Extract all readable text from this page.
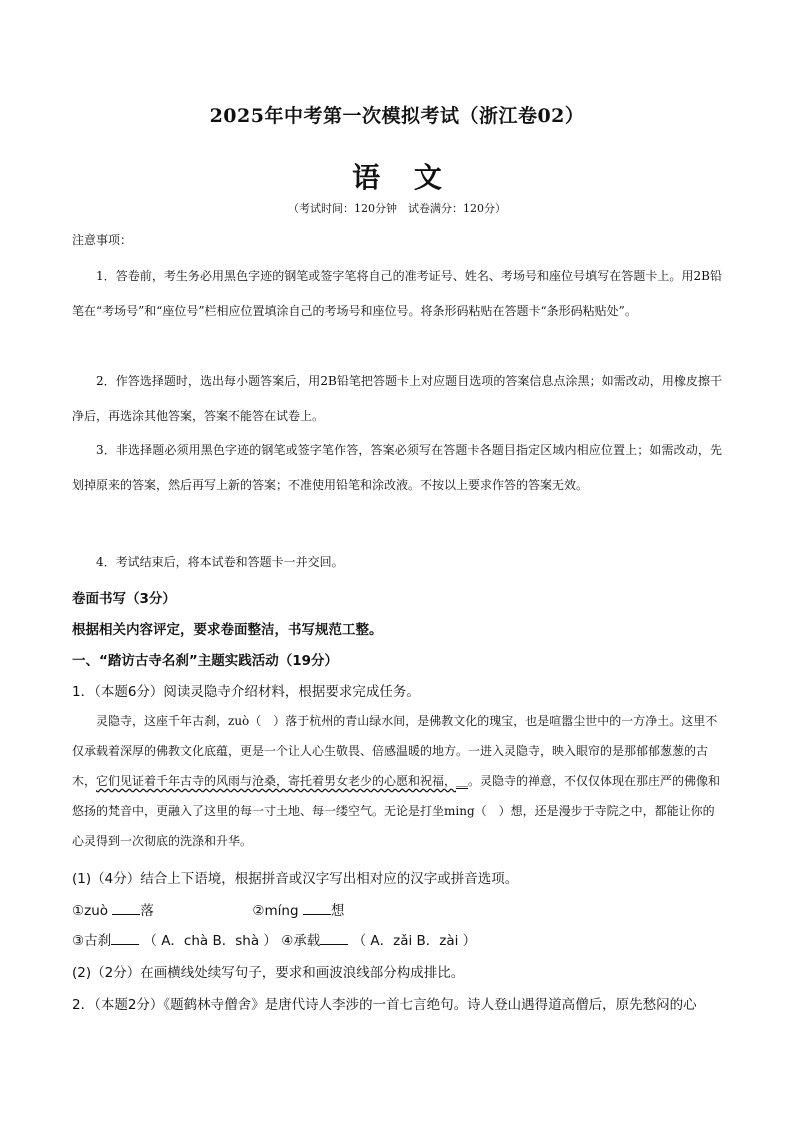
2025年中考第一次模拟考试（浙江卷02）
语 文
（考试时间：120分钟　试卷满分：120分）
注意事项：
1．答卷前，考生务必用黑色字迹的钢笔或签字笔将自己的准考证号、姓名、考场号和座位号填写在答题卡上。用2B铅笔在“考场号”和“座位号”栏相应位置填涂自己的考场号和座位号。将条形码粘贴在答题卡“条形码粘贴处”。
2．作答选择题时，选出每小题答案后，用2B铅笔把答题卡上对应题目选项的答案信息点涂黑；如需改动，用橡皮擦干净后，再选涂其他答案，答案不能答在试卷上。
3．非选择题必须用黑色字迹的钢笔或签字笔作答，答案必须写在答题卡各题目指定区域内相应位置上；如需改动，先划掉原来的答案，然后再写上新的答案；不准使用铅笔和涂改液。不按以上要求作答的答案无效。
4．考试结束后，将本试卷和答题卡一并交回。
卷面书写（3分）
根据相关内容评定，要求卷面整洁，书写规范工整。
一、“踏访古寺名刹”主题实践活动（19分）
1．（本题6分）阅读灵隐寺介绍材料，根据要求完成任务。
灵隐寺，这座千年古刹，zuò（　）落于杭州的青山绿水间，是佛教文化的瑰宝，也是喧嚣尘世中的一方净土。这里不仅承载着深厚的佛教文化底蕴，更是一个让人心生敬畏、倍感温暖的地方。一进入灵隐寺，映入眼帘的是那郁郁葱葱的古木，它们见证着千年古寺的风雨与沧桑，寄托着男女老少的心愿和祝福，＿。灵隐寺的禅意，不仅仅体现在那庄严的佛像和悠扬的梵音中，更融入了这里的每一寸土地、每一缕空气。无论是打坐ming（　）想，还是漫步于寺院之中，都能让你的心灵得到一次彻底的洗涤和升华。
(1)（4分）结合上下语境，根据拼音或汉字写出相对应的汉字或拼音选项。
①zuò 落	②míng 想
③古刹 （ A．chà B．shà ） ④承载 （ A．zǎi B．zài ）
(2)（2分）在画横线处续写句子，要求和画波浪线部分构成排比。
2．（本题2分）《题鹤林寺僧舍》是唐代诗人李涉的一首七言绝句。诗人登山遇得道高僧后，原先愁闷的心
